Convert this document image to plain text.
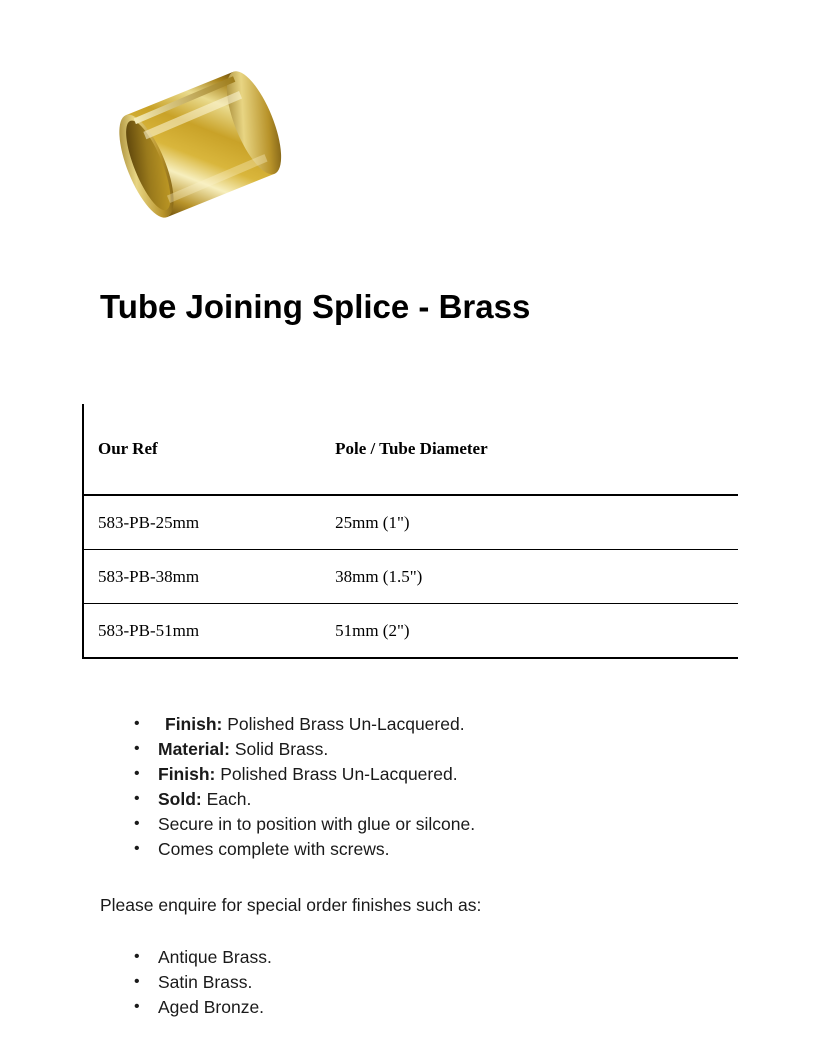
Tube Joining Splice - Brass
Our Ref	Pole / Tube Diameter
583-PB-25mm	25mm (1")
583-PB-38mm	38mm (1.5")
583-PB-51mm	51mm (2")
• Finish: Polished Brass Un-Lacquered.
• Material: Solid Brass.
• Finish: Polished Brass Un-Lacquered.
• Sold: Each.
• Secure in to position with glue or silcone.
• Comes complete with screws.
Please enquire for special order finishes such as:
• Antique Brass.
• Satin Brass.
• Aged Bronze.
